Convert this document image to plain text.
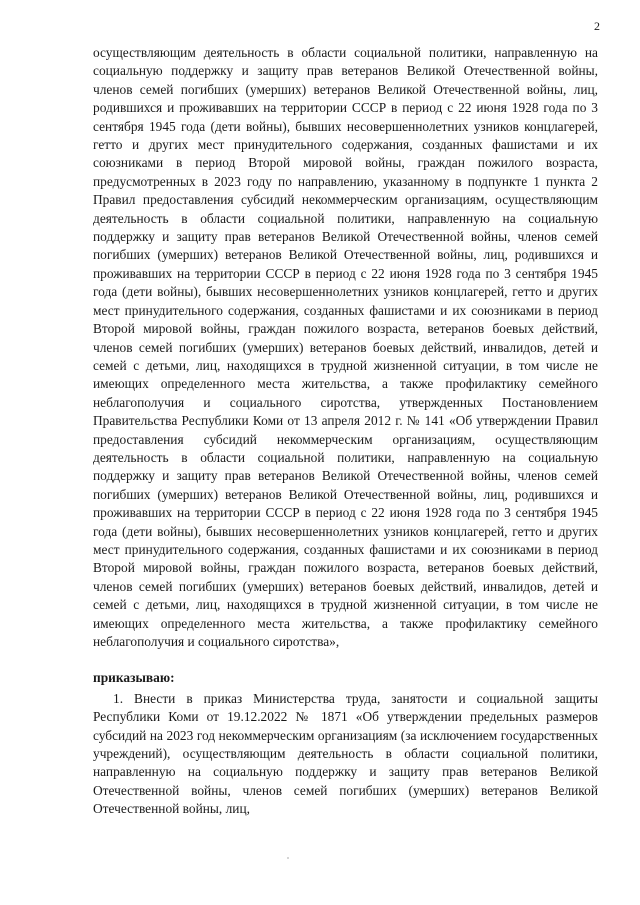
2

осуществляющим деятельность в области социальной политики, направленную на социальную поддержку и защиту прав ветеранов Великой Отечественной войны, членов семей погибших (умерших) ветеранов Великой Отечественной войны, лиц, родившихся и проживавших на территории СССР в период с 22 июня 1928 года по 3 сентября 1945 года (дети войны), бывших несовершеннолетних узников концлагерей, гетто и других мест принудительного содержания, созданных фашистами и их союзниками в период Второй мировой войны, граждан пожилого возраста, предусмотренных в 2023 году по направлению, указанному в подпункте 1 пункта 2 Правил предоставления субсидий некоммерческим организациям, осуществляющим деятельность в области социальной политики, направленную на социальную поддержку и защиту прав ветеранов Великой Отечественной войны, членов семей погибших (умерших) ветеранов Великой Отечественной войны, лиц, родившихся и проживавших на территории СССР в период с 22 июня 1928 года по 3 сентября 1945 года (дети войны), бывших несовершеннолетних узников концлагерей, гетто и других мест принудительного содержания, созданных фашистами и их союзниками в период Второй мировой войны, граждан пожилого возраста, ветеранов боевых действий, членов семей погибших (умерших) ветеранов боевых действий, инвалидов, детей и семей с детьми, лиц, находящихся в трудной жизненной ситуации, в том числе не имеющих определенного места жительства, а также профилактику семейного неблагополучия и социального сиротства, утвержденных Постановлением Правительства Республики Коми от 13 апреля 2012 г. № 141 «Об утверждении Правил предоставления субсидий некоммерческим организациям, осуществляющим деятельность в области социальной политики, направленную на социальную поддержку и защиту прав ветеранов Великой Отечественной войны, членов семей погибших (умерших) ветеранов Великой Отечественной войны, лиц, родившихся и проживавших на территории СССР в период с 22 июня 1928 года по 3 сентября 1945 года (дети войны), бывших несовершеннолетних узников концлагерей, гетто и других мест принудительного содержания, созданных фашистами и их союзниками в период Второй мировой войны, граждан пожилого возраста, ветеранов боевых действий, членов семей погибших (умерших) ветеранов боевых действий, инвалидов, детей и семей с детьми, лиц, находящихся в трудной жизненной ситуации, в том числе не имеющих определенного места жительства, а также профилактику семейного неблагополучия и социального сиротства»,

приказываю:

1. Внести в приказ Министерства труда, занятости и социальной защиты Республики Коми от 19.12.2022 № 1871 «Об утверждении предельных размеров субсидий на 2023 год некоммерческим организациям (за исключением государственных учреждений), осуществляющим деятельность в области социальной политики, направленную на социальную поддержку и защиту прав ветеранов Великой Отечественной войны, членов семей погибших (умерших) ветеранов Великой Отечественной войны, лиц,
